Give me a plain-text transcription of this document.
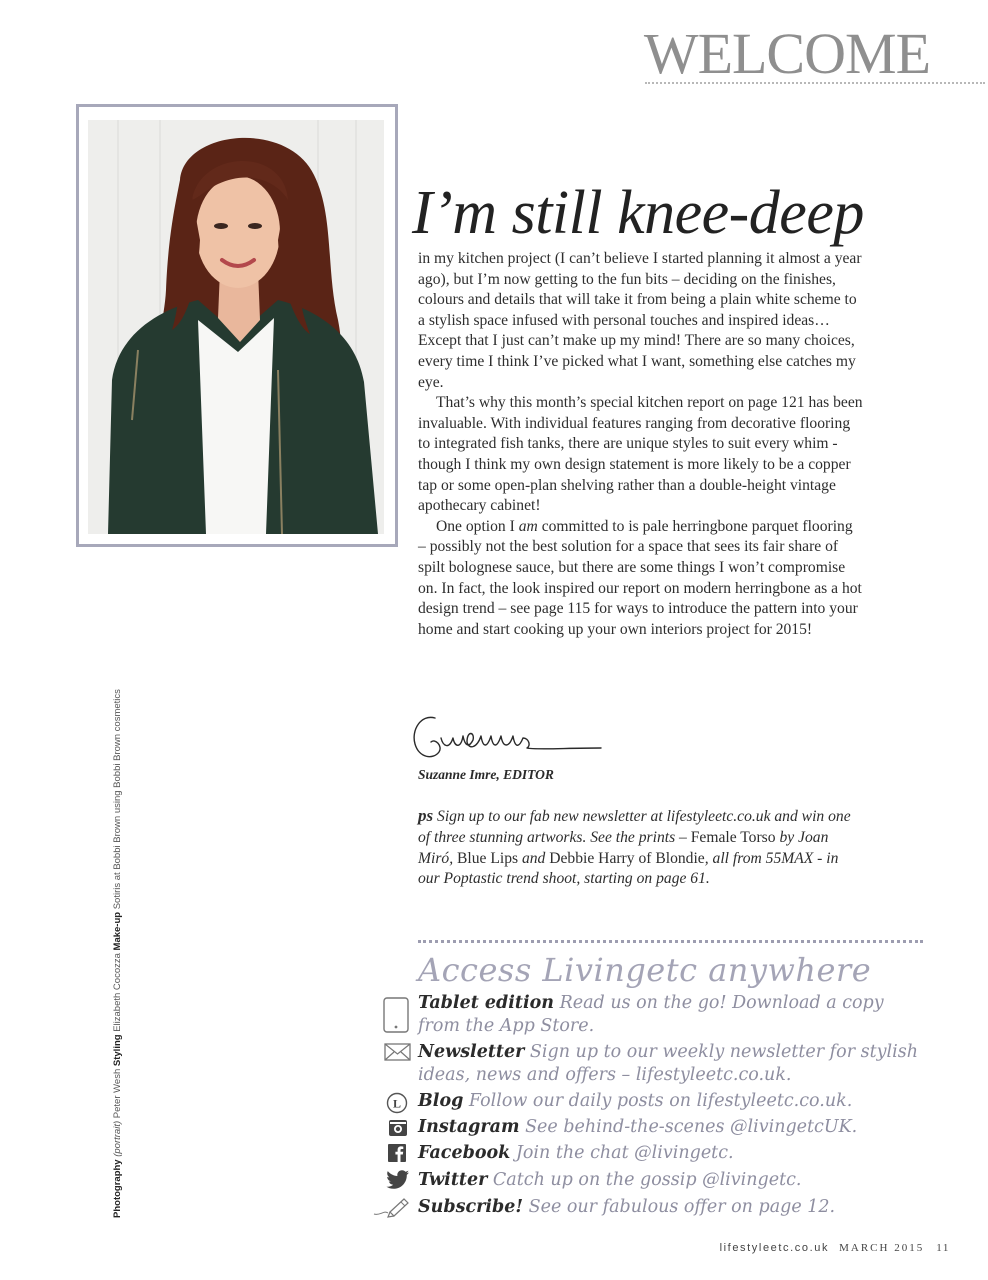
WELCOME
I’m still knee-deep

in my kitchen project (I can’t believe I started planning it almost a year ago), but I’m now getting to the fun bits – deciding on the finishes, colours and details that will take it from being a plain white scheme to a stylish space infused with personal touches and inspired ideas… Except that I just can’t make up my mind! There are so many choices, every time I think I’ve picked what I want, something else catches my eye.

That’s why this month’s special kitchen report on page 121 has been invaluable. With individual features ranging from decorative flooring to integrated fish tanks, there are unique styles to suit every whim - though I think my own design statement is more likely to be a copper tap or some open-plan shelving rather than a double-height vintage apothecary cabinet!

One option I am committed to is pale herringbone parquet flooring – possibly not the best solution for a space that sees its fair share of spilt bolognese sauce, but there are some things I won’t compromise on. In fact, the look inspired our report on modern herringbone as a hot design trend – see page 115 for ways to introduce the pattern into your home and start cooking up your own interiors project for 2015!

Suzanne Imre, EDITOR
ps Sign up to our fab new newsletter at lifestyleetc.co.uk and win one of three stunning artworks. See the prints – Female Torso by Joan Miró, Blue Lips and Debbie Harry of Blondie, all from 55MAX - in our Poptastic trend shoot, starting on page 61.
Access Livingetc anywhere
L
Tablet edition Read us on the go! Download a copy from the App Store.
Newsletter Sign up to our weekly newsletter for stylish ideas, news and offers – lifestyleetc.co.uk.
Blog Follow our daily posts on lifestyleetc.co.uk.
Instagram See behind-the-scenes @livingetcUK.
Facebook Join the chat @livingetc.
Twitter Catch up on the gossip @livingetc.
Subscribe! See our fabulous offer on page 12.
Photography (portrait) Peter Wesh Styling Elizabeth Cocozza Make-up Sotiris at Bobbi Brown using Bobbi Brown cosmetics
lifestyleetc.co.uk MARCH 2015 11
